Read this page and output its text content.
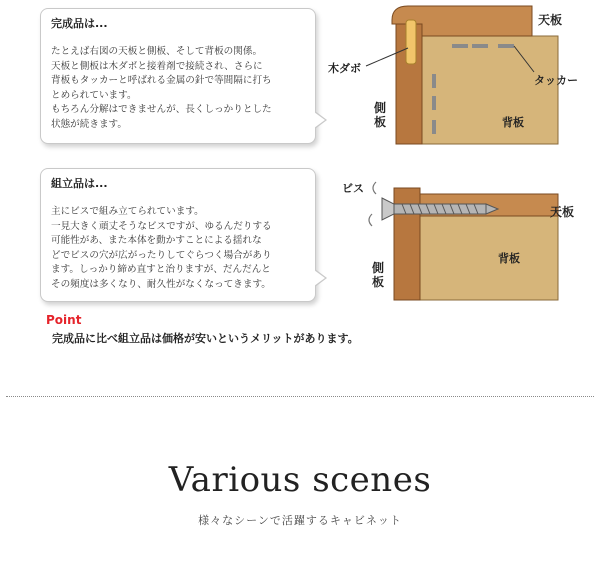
完成品は...
たとえば右図の天板と側板、そして背板の関係。
天板と側板は木ダボと接着剤で接続され、さらに
背板もタッカーと呼ばれる金属の針で等間隔に打ち
とめられています。
もちろん分解はできませんが、長くしっかりとした
状態が続きます。
組立品は...
主にビスで組み立てられています。
一見大きく頑丈そうなビスですが、ゆるんだりする
可能性があ、また本体を動かすことによる揺れな
どでビスの穴が広がったりしてぐらつく場合があり
ます。しっかり締め直すと治りますが、だんだんと
その頻度は多くなり、耐久性がなくなってきます。
天板
木ダボ
タッカー
背板
側板
ビス
天板
背板
側板
Point
完成品に比べ組立品は価格が安いというメリットがあります。
Various scenes
様々なシーンで活躍するキャビネット
